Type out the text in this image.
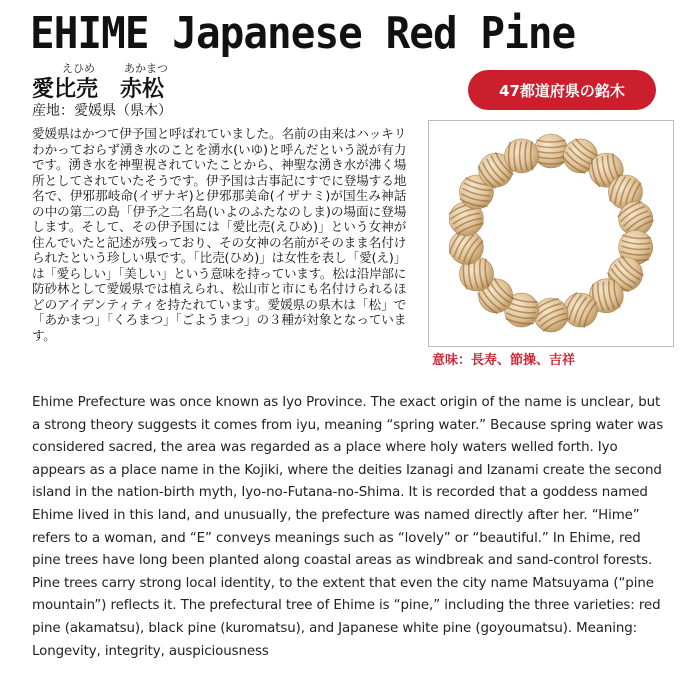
EHIME Japanese Red Pine
えひめ	あかまつ
愛比売　赤松
産地：愛媛県（県木）
47都道府県の銘木
愛媛県はかつて伊予国と呼ばれていました。名前の由来はハッキリわかっておらず湧き水のことを湧水(いゆ)と呼んだという説が有力です。湧き水を神聖視されていたことから、神聖な湧き水が沸く場所としてされていたそうです。伊予国は古事記にすでに登場する地名で、伊邪那岐命(イザナギ)と伊邪那美命(イザナミ)が国生み神話の中の第二の島「伊予之二名島(いよのふたなのしま)の場面に登場します。そして、その伊予国には「愛比売(えひめ)」という女神が住んでいたと記述が残っており、その女神の名前がそのまま名付けられたという珍しい県です。「比売(ひめ)」は女性を表し「愛(え)」は「愛らしい」「美しい」という意味を持っています。松は沿岸部に防砂林として愛媛県では植えられ、松山市と市にも名付けられるほどのアイデンティティを持たれています。愛媛県の県木は「松」で「あかまつ」「くろまつ」「ごようまつ」の３種が対象となっています。
意味：長寿、節操、吉祥
Ehime Prefecture was once known as Iyo Province. The exact origin of the name is unclear, but a strong theory suggests it comes from iyu, meaning “spring water.” Because spring water was considered sacred, the area was regarded as a place where holy waters welled forth. Iyo appears as a place name in the Kojiki, where the deities Izanagi and Izanami create the second island in the nation-birth myth, Iyo-no-Futana-no-Shima. It is recorded that a goddess named Ehime lived in this land, and unusually, the prefecture was named directly after her. “Hime” refers to a woman, and “E” conveys meanings such as “lovely” or “beautiful.” In Ehime, red pine trees have long been planted along coastal areas as windbreak and sand-control forests. Pine trees carry strong local identity, to the extent that even the city name Matsuyama (“pine mountain”) reflects it. The prefectural tree of Ehime is “pine,” including the three varieties: red pine (akamatsu), black pine (kuromatsu), and Japanese white pine (goyoumatsu). Meaning: Longevity, integrity, auspiciousness
